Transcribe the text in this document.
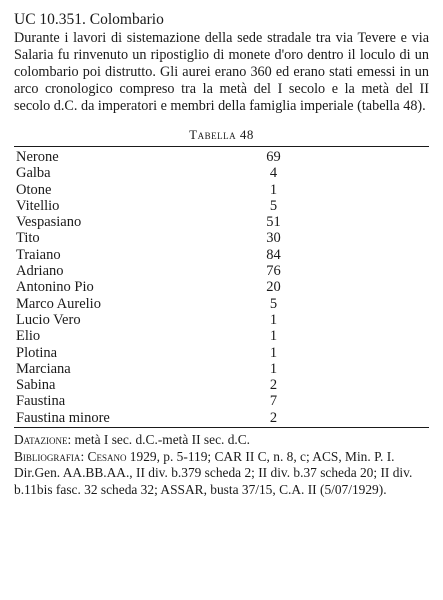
UC 10.351. Colombario

Durante i lavori di sistemazione della sede stradale tra via Tevere e via Salaria fu rinvenuto un ripostiglio di monete d'oro dentro il loculo di un colombario poi distrutto. Gli aurei erano 360 ed erano stati emessi in un arco cronologico compreso tra la metà del I secolo e la metà del II secolo d.C. da imperatori e membri della famiglia imperiale (tabella 48).

Tabella 48
Nerone	69
Galba	4
Otone	1
Vitellio	5
Vespasiano	51
Tito	30
Traiano	84
Adriano	76
Antonino Pio	20
Marco Aurelio	5
Lucio Vero	1
Elio	1
Plotina	1
Marciana	1
Sabina	2
Faustina	7
Faustina minore	2
Datazione: metà I sec. d.C.-metà II sec. d.C.
Bibliografia: Cesano 1929, p. 5-119; CAR II C, n. 8, c; ACS, Min. P. I. Dir.Gen. AA.BB.AA., II div. b.379 scheda 2; II div. b.37 scheda 20; II div. b.11bis fasc. 32 scheda 32; ASSAR, busta 37/15, C.A. II (5/07/1929).
